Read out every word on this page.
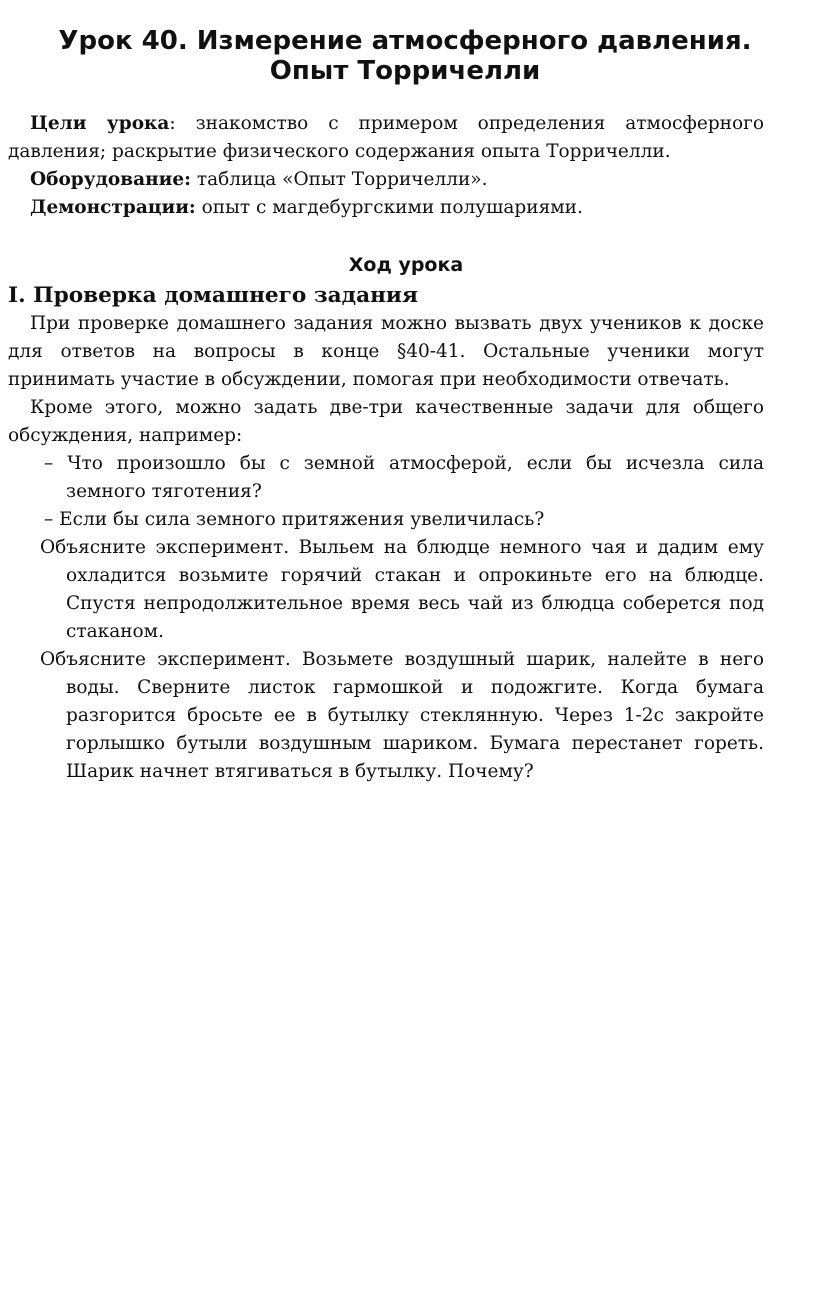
Урок 40. Измерение атмосферного давления.
Опыт Торричелли

Цели урока: знакомство с примером определения атмосферного давления; раскрытие физического содержания опыта Торричелли.

Оборудование: таблица «Опыт Торричелли».

Демонстрации: опыт с магдебургскими полушариями.

Ход урока
I. Проверка домашнего задания

При проверке домашнего задания можно вызвать двух учеников к доске для ответов на вопросы в конце §40-41. Остальные ученики могут принимать участие в обсуждении, помогая при необходимости отвечать.

Кроме этого, можно задать две-три качественные задачи для общего обсуждения, например:

– Что произошло бы с земной атмосферой, если бы исчезла сила земного тяготения?

– Если бы сила земного притяжения увеличилась?

Объясните эксперимент. Выльем на блюдце немного чая и дадим ему охладится возьмите горячий стакан и опрокиньте его на блюдце. Спустя непродолжительное время весь чай из блюдца соберется под стаканом.

Объясните эксперимент. Возьмете воздушный шарик, налейте в него воды. Сверните листок гармошкой и подожгите. Когда бумага разгорится бросьте ее в бутылку стеклянную. Через 1-2с закройте горлышко бутыли воздушным шариком. Бумага перестанет гореть. Шарик начнет втягиваться в бутылку. Почему?
